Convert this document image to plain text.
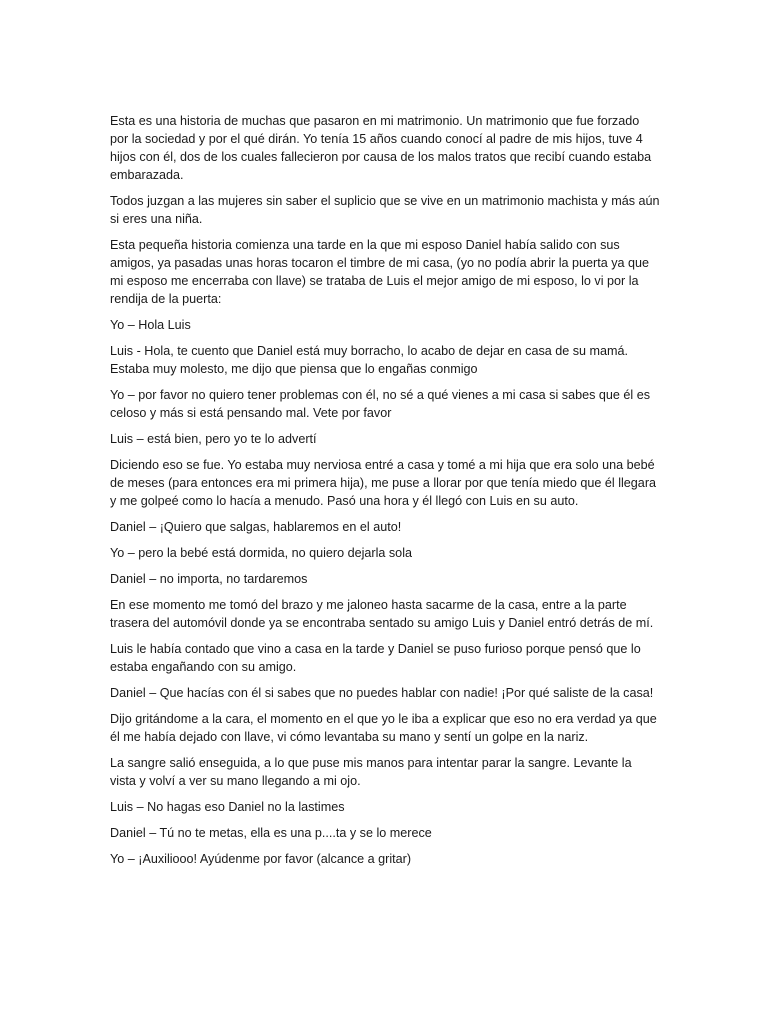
Esta es una historia de muchas que pasaron en mi matrimonio. Un matrimonio que fue forzado por la sociedad y por el qué dirán. Yo tenía 15 años cuando conocí al padre de mis hijos, tuve 4 hijos con él, dos de los cuales fallecieron por causa de los malos tratos que recibí cuando estaba embarazada.

Todos juzgan a las mujeres sin saber el suplicio que se vive en un matrimonio machista y más aún si eres una niña.

Esta pequeña historia comienza una tarde en la que mi esposo Daniel había salido con sus amigos, ya pasadas unas horas tocaron el timbre de mi casa, (yo no podía abrir la puerta ya que mi esposo me encerraba con llave) se trataba de Luis el mejor amigo de mi esposo, lo vi por la rendija de la puerta:

Yo – Hola Luis

Luis - Hola, te cuento que Daniel está muy borracho, lo acabo de dejar en casa de su mamá. Estaba muy molesto, me dijo que piensa que lo engañas conmigo

Yo – por favor no quiero tener problemas con él, no sé a qué vienes a mi casa si sabes que él es celoso y más si está pensando mal. Vete por favor

Luis – está bien, pero yo te lo advertí

Diciendo eso se fue. Yo estaba muy nerviosa entré a casa y tomé a mi hija que era solo una bebé de meses (para entonces era mi primera hija), me puse a llorar por que tenía miedo que él llegara y me golpeé como lo hacía a menudo. Pasó una hora y él llegó con Luis en su auto.

Daniel – ¡Quiero que salgas, hablaremos en el auto!

Yo – pero la bebé está dormida, no quiero dejarla sola

Daniel – no importa, no tardaremos

En ese momento me tomó del brazo y me jaloneo hasta sacarme de la casa, entre a la parte trasera del automóvil donde ya se encontraba sentado su amigo Luis y Daniel entró detrás de mí.

Luis le había contado que vino a casa en la tarde y Daniel se puso furioso porque pensó que lo estaba engañando con su amigo.

Daniel – Que hacías con él si sabes que no puedes hablar con nadie! ¡Por qué saliste de la casa!

Dijo gritándome a la cara, el momento en el que yo le iba a explicar que eso no era verdad ya que él me había dejado con llave, vi cómo levantaba su mano y sentí un golpe en la nariz.

La sangre salió enseguida, a lo que puse mis manos para intentar parar la sangre. Levante la vista y volví a ver su mano llegando a mi ojo.

Luis – No hagas eso Daniel no la lastimes

Daniel – Tú no te metas, ella es una p....ta y se lo merece

Yo – ¡Auxiliooo! Ayúdenme por favor (alcance a gritar)
